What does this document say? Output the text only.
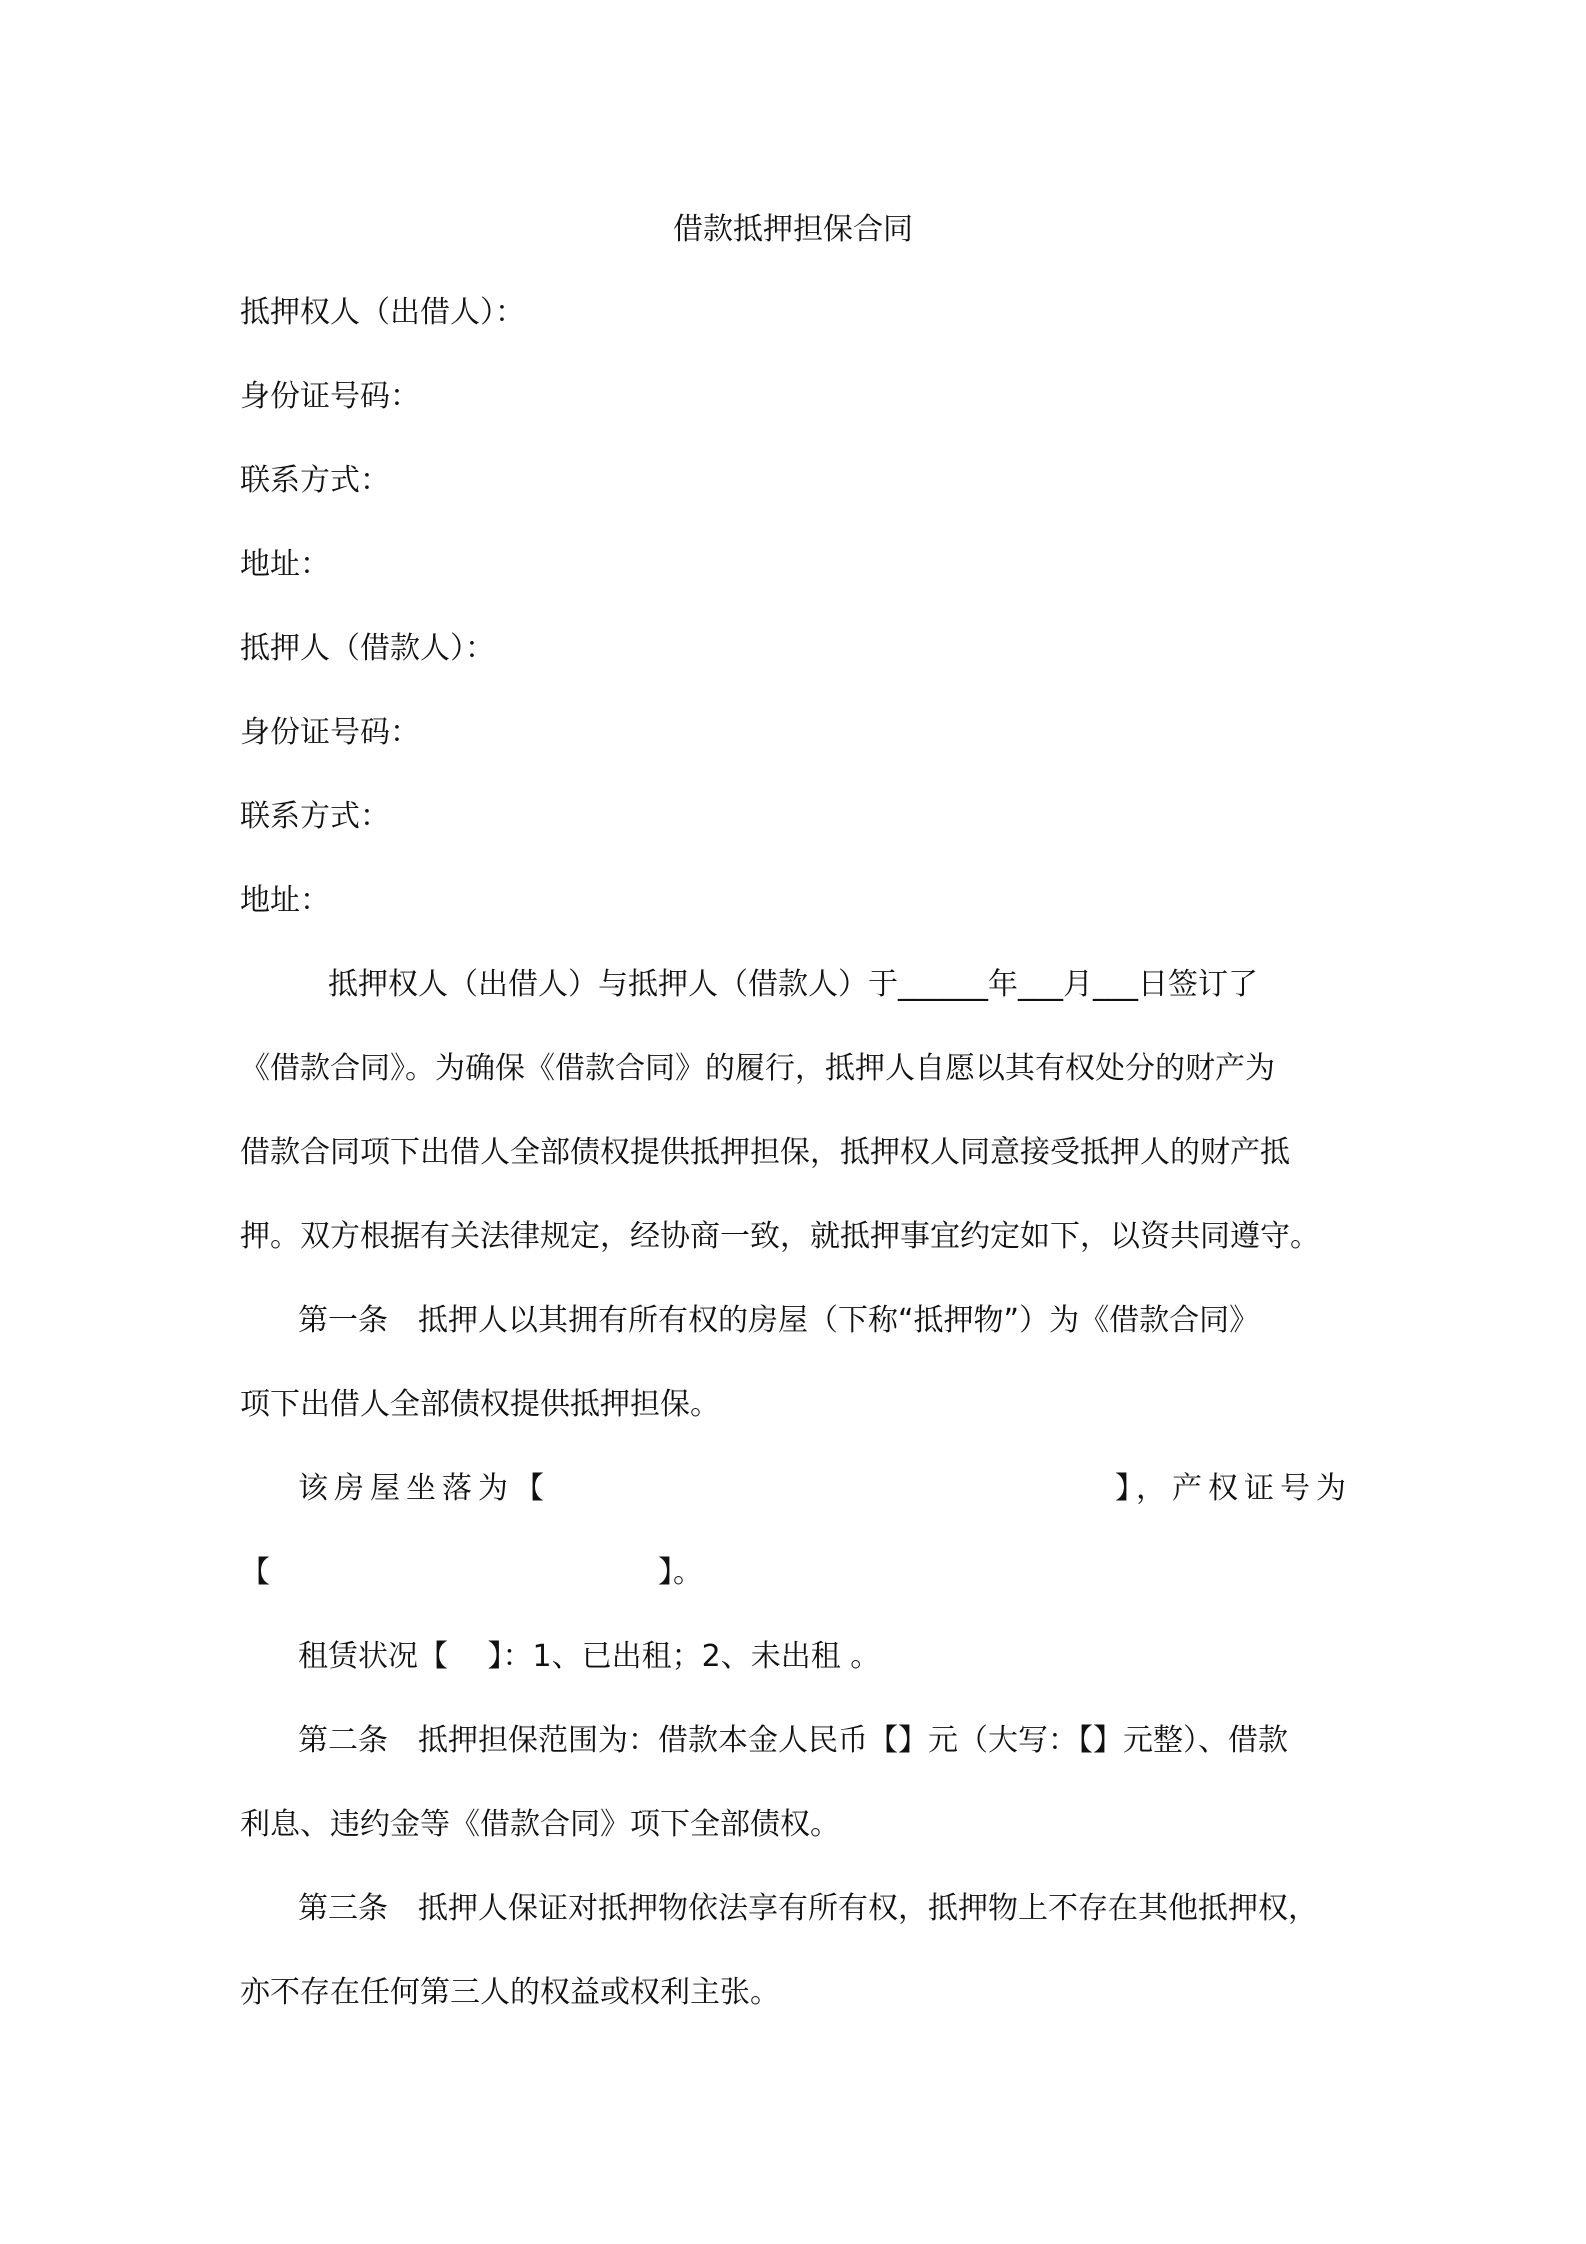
借款抵押担保合同
抵押权人（出借人）：
身份证号码：
联系方式：
地址：
抵押人（借款人）：
身份证号码：
联系方式：
地址：
抵押权人（出借人）与抵押人（借款人）于______年___月___日签订了
《借款合同》。为确保《借款合同》的履行，抵押人自愿以其有权处分的财产为
借款合同项下出借人全部债权提供抵押担保，抵押权人同意接受抵押人的财产抵
押。双方根据有关法律规定，经协商一致，就抵押事宜约定如下，以资共同遵守。
第一条　抵押人以其拥有所有权的房屋（下称“抵押物”）为《借款合同》
项下出借人全部债权提供抵押担保。
该房屋坐落为【	】，产权证号为
【	】。
租赁状况【　 】：1、已出租；2、未出租 。
第二条　抵押担保范围为：借款本金人民币【】元（大写：【】元整）、借款
利息、违约金等《借款合同》项下全部债权。
第三条　抵押人保证对抵押物依法享有所有权，抵押物上不存在其他抵押权，
亦不存在任何第三人的权益或权利主张。
